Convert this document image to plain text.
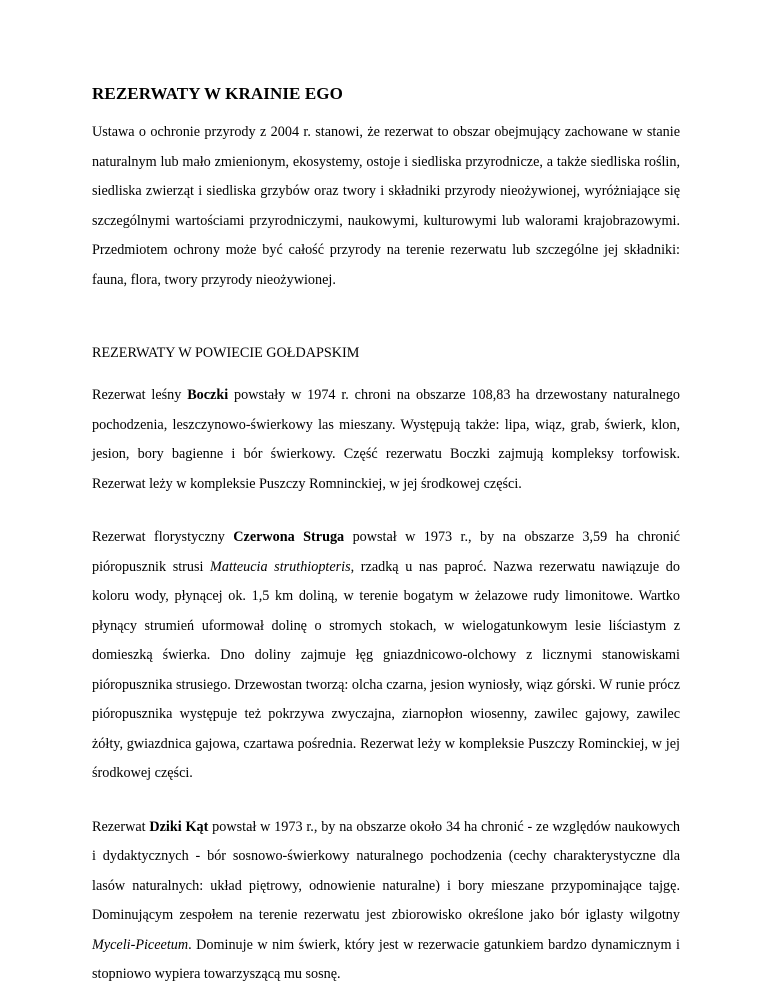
REZERWATY W KRAINIE EGO

Ustawa o ochronie przyrody z 2004 r. stanowi, że rezerwat to obszar obejmujący zachowane w stanie naturalnym lub mało zmienionym, ekosystemy, ostoje i siedliska przyrodnicze, a także siedliska roślin, siedliska zwierząt i siedliska grzybów oraz twory i składniki przyrody nieożywionej, wyróżniające się szczególnymi wartościami przyrodniczymi, naukowymi, kulturowymi lub walorami krajobrazowymi. Przedmiotem ochrony może być całość przyrody na terenie rezerwatu lub szczególne jej składniki: fauna, flora, twory przyrody nieożywionej.

REZERWATY W POWIECIE GOŁDAPSKIM

Rezerwat leśny Boczki powstały w 1974 r. chroni na obszarze 108,83 ha drzewostany naturalnego pochodzenia, leszczynowo-świerkowy las mieszany. Występują także: lipa, wiąz, grab, świerk, klon, jesion, bory bagienne i bór świerkowy. Część rezerwatu Boczki zajmują kompleksy torfowisk. Rezerwat leży w kompleksie Puszczy Romninckiej, w jej środkowej części.

Rezerwat florystyczny Czerwona Struga powstał w 1973 r., by na obszarze 3,59 ha chronić pióropusznik strusi Matteucia struthiopteris, rzadką u nas paproć. Nazwa rezerwatu nawiązuje do koloru wody, płynącej ok. 1,5 km doliną, w terenie bogatym w żelazowe rudy limonitowe. Wartko płynący strumień uformował dolinę o stromych stokach, w wielogatunkowym lesie liściastym z domieszką świerka. Dno doliny zajmuje łęg gniazdnicowo-olchowy z licznymi stanowiskami pióropusznika strusiego. Drzewostan tworzą: olcha czarna, jesion wyniosły, wiąz górski. W runie prócz pióropusznika występuje też pokrzywa zwyczajna, ziarnopłon wiosenny, zawilec gajowy, zawilec żółty, gwiazdnica gajowa, czartawa pośrednia. Rezerwat leży w kompleksie Puszczy Rominckiej, w jej środkowej części.

Rezerwat Dziki Kąt powstał w 1973 r., by na obszarze około 34 ha chronić - ze względów naukowych i dydaktycznych - bór sosnowo-świerkowy naturalnego pochodzenia (cechy charakterystyczne dla lasów naturalnych: układ piętrowy, odnowienie naturalne) i bory mieszane przypominające tajgę. Dominującym zespołem na terenie rezerwatu jest zbiorowisko określone jako bór iglasty wilgotny Myceli-Piceetum. Dominuje w nim świerk, który jest w rezerwacie gatunkiem bardzo dynamicznym i stopniowo wypiera towarzyszącą mu sosnę.
